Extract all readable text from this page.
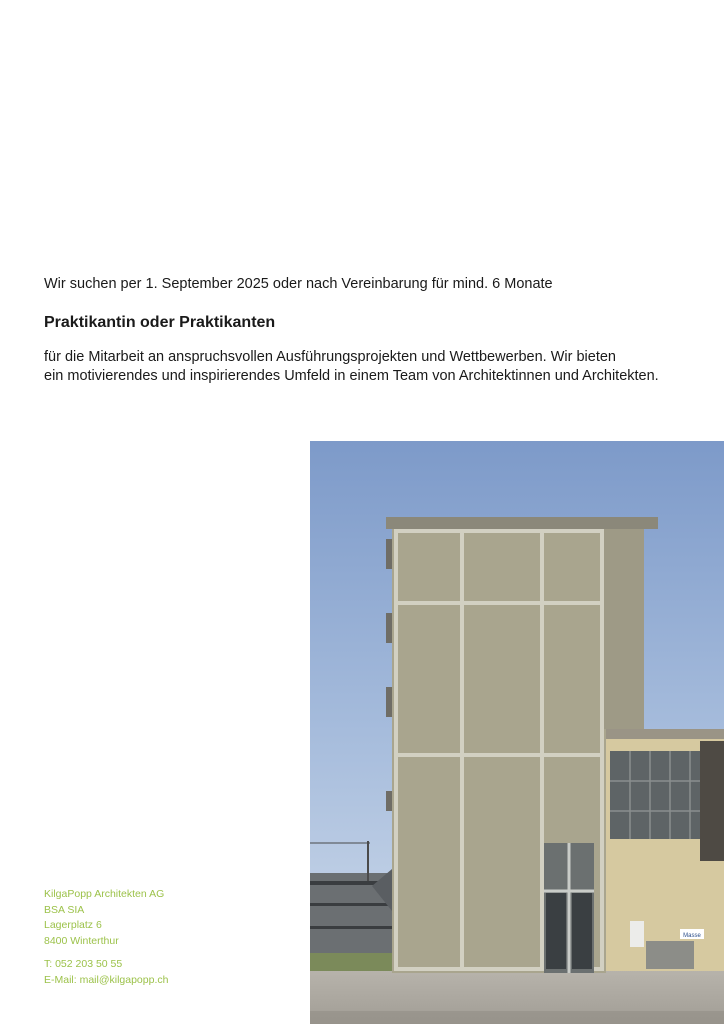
Wir suchen per 1. September 2025 oder nach Vereinbarung für mind. 6 Monate

Praktikantin oder Praktikanten

für die Mitarbeit an anspruchsvollen Ausführungsprojekten und Wettbewerben. Wir bieten
ein motivierendes und inspirierendes Umfeld in einem Team von Architektinnen und Architekten.

Masse
KilgaPopp Architekten AG
BSA SIA
Lagerplatz 6
8400 Winterthur
T: 052 203 50 55
E-Mail: mail@kilgapopp.ch
